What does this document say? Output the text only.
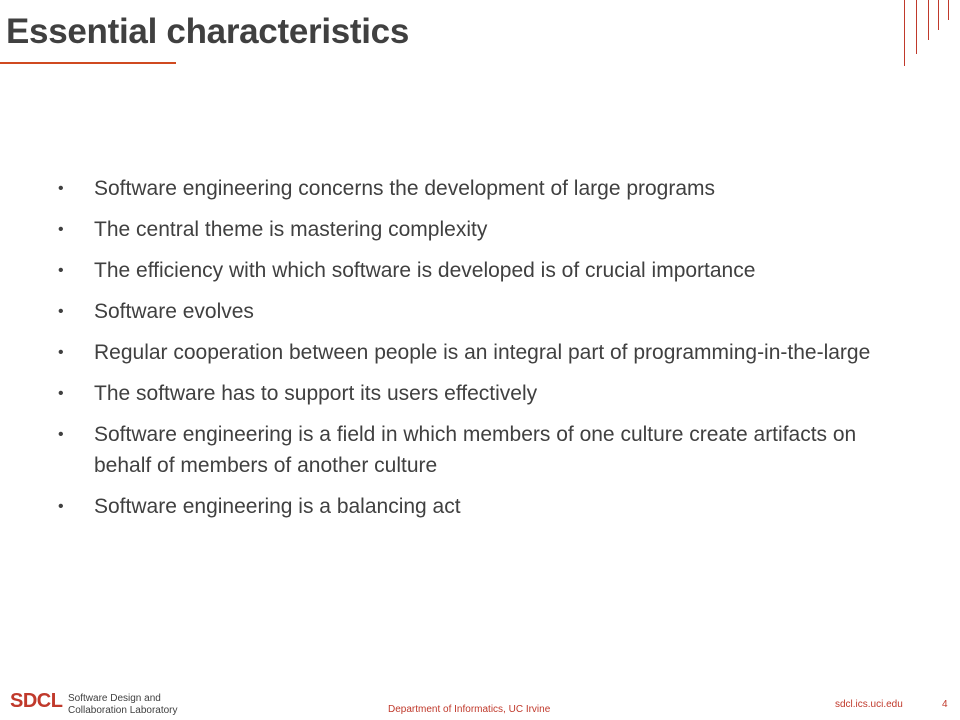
Essential characteristics
• Software engineering concerns the development of large programs
• The central theme is mastering complexity
• The efficiency with which software is developed is of crucial importance
• Software evolves
• Regular cooperation between people is an integral part of programming-in-the-large
• The software has to support its users effectively
• Software engineering is a field in which members of one culture create artifacts on behalf of members of another culture
• Software engineering is a balancing act
SDCL Software Design and
Collaboration Laboratory	Department of Informatics, UC Irvine	sdcl.ics.uci.edu	4
